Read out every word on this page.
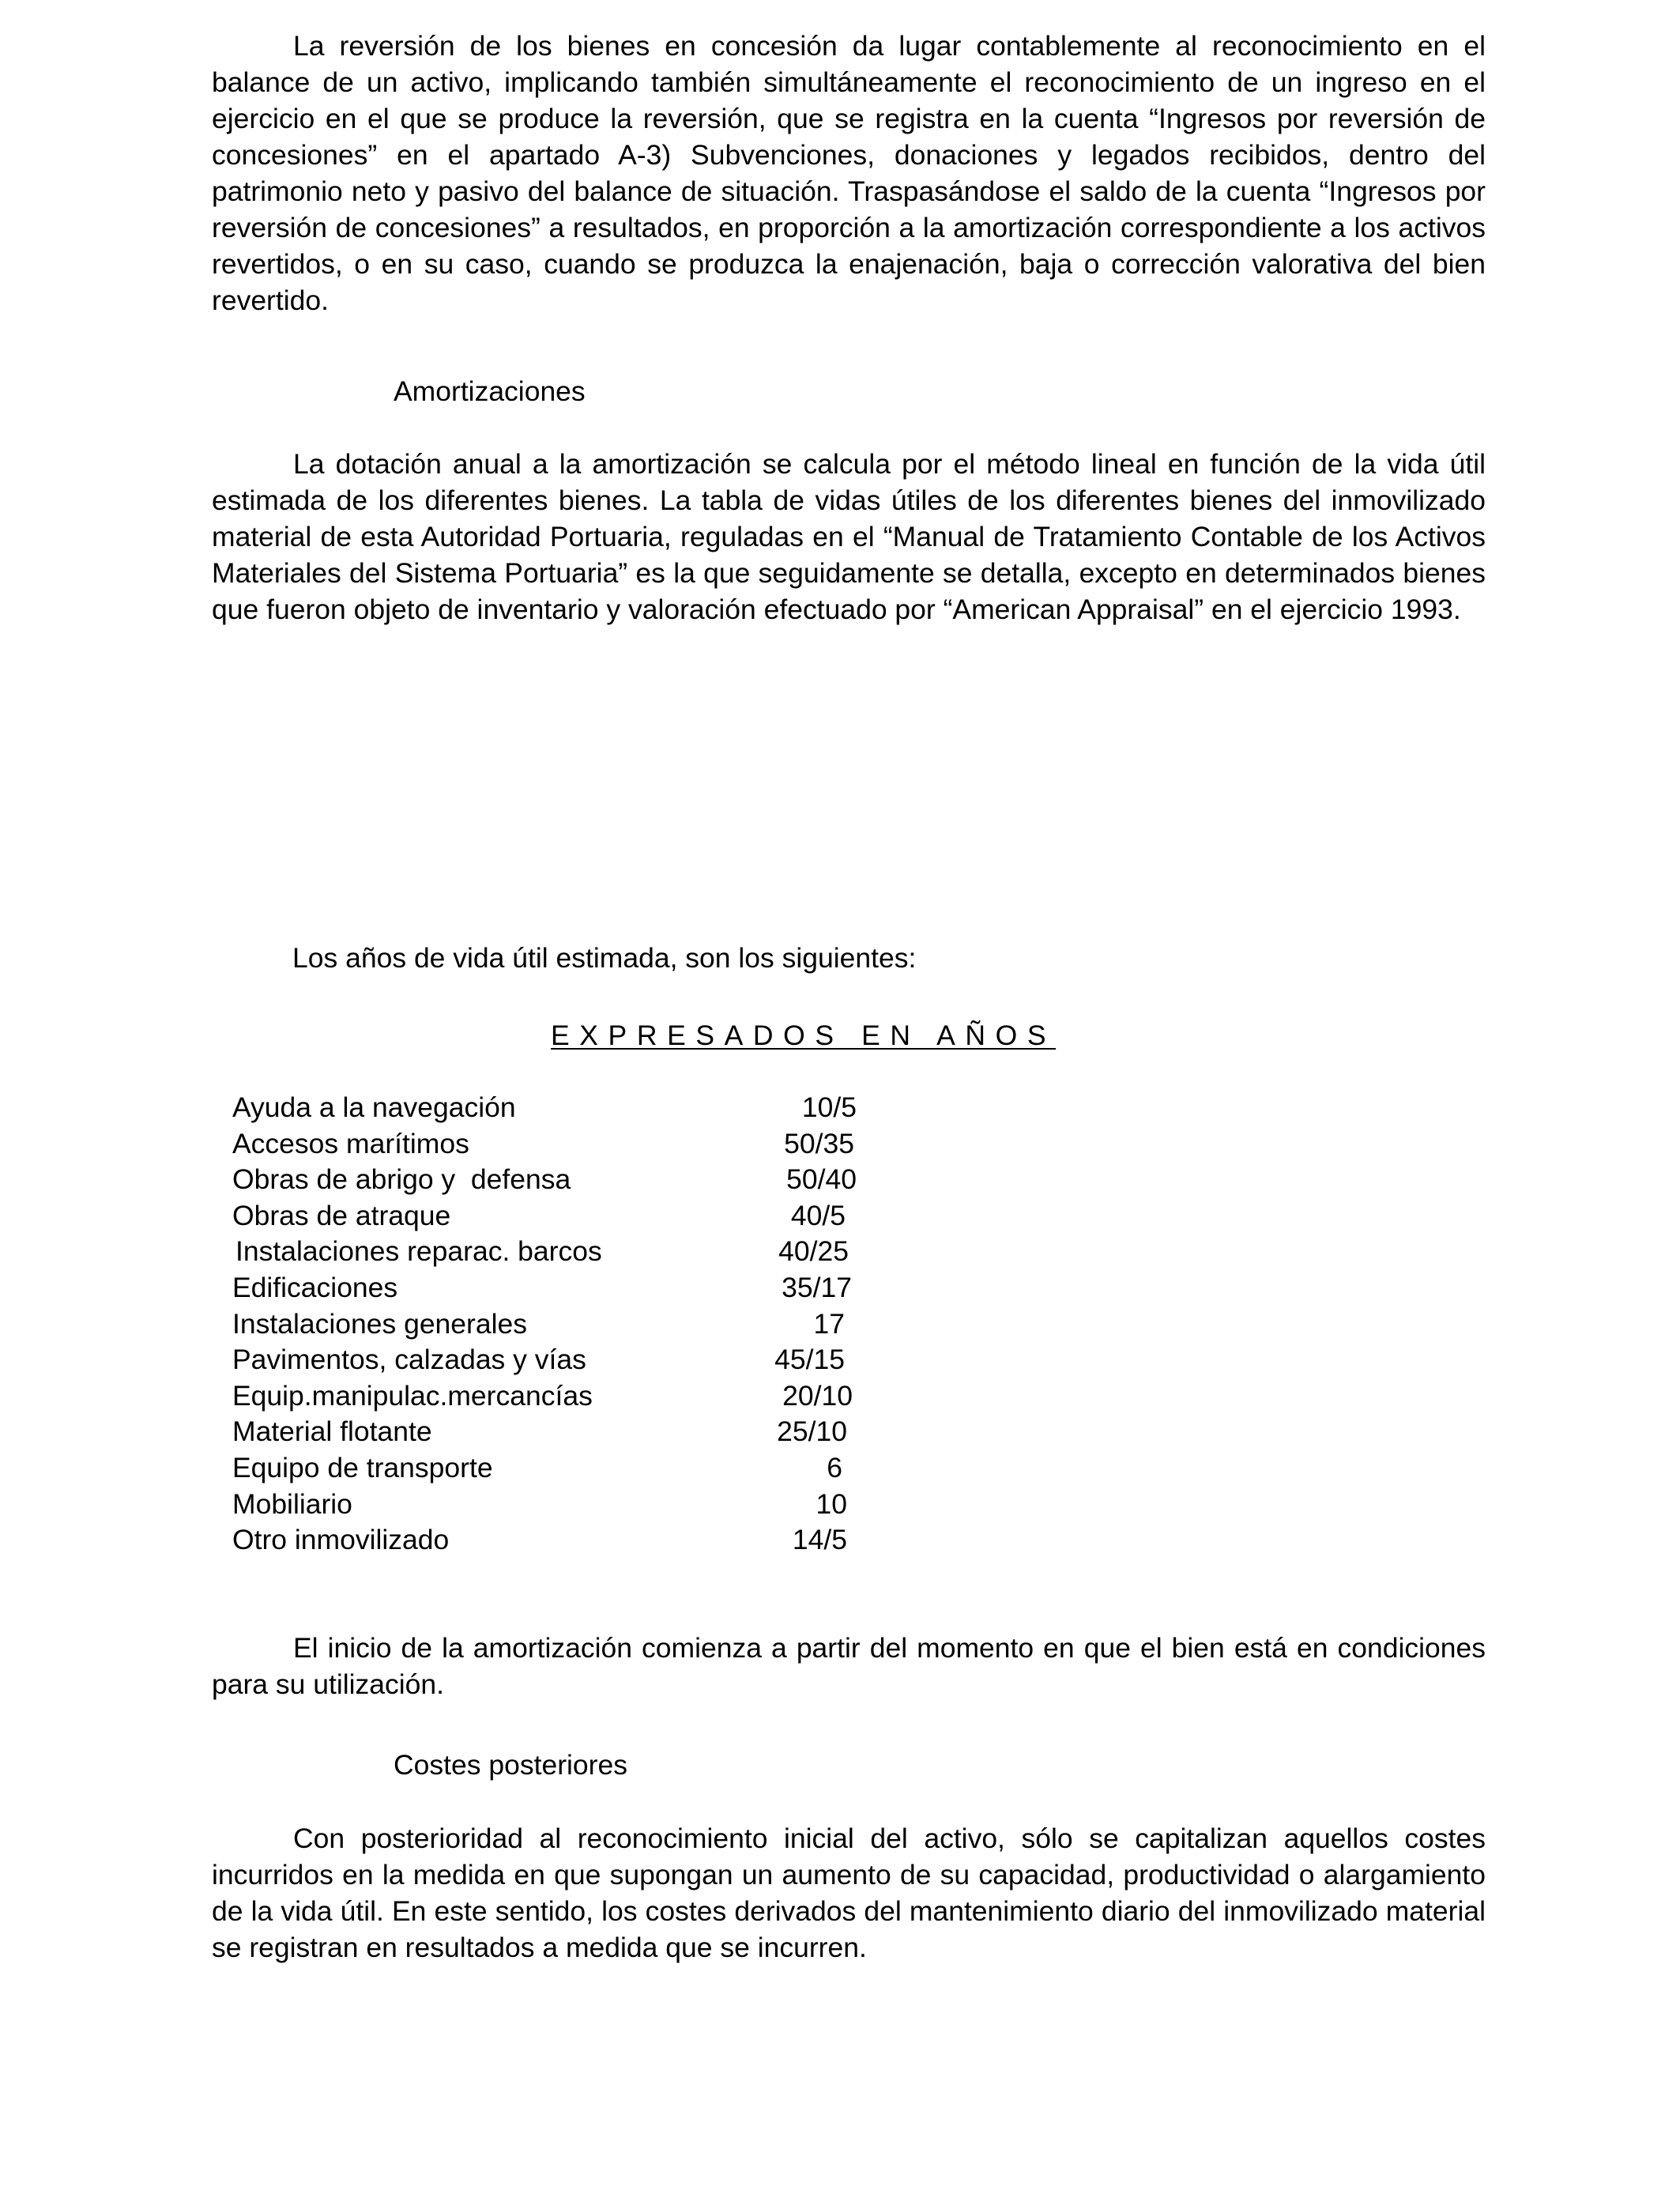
La reversión de los bienes en concesión da lugar contablemente al reconocimiento en el balance de un activo, implicando también simultáneamente el reconocimiento de un ingreso en el ejercicio en el que se produce la reversión, que se registra en la cuenta “Ingresos por reversión de concesiones” en el apartado A-3) Subvenciones, donaciones y legados recibidos, dentro del patrimonio neto y pasivo del balance de situación. Traspasándose el saldo de la cuenta “Ingresos por reversión de concesiones” a resultados, en proporción a la amortización correspondiente a los activos revertidos, o en su caso, cuando se produzca la enajenación, baja o corrección valorativa del bien revertido.

Amortizaciones

La dotación anual a la amortización se calcula por el método lineal en función de la vida útil estimada de los diferentes bienes. La tabla de vidas útiles de los diferentes bienes del inmovilizado material de esta Autoridad Portuaria, reguladas en el “Manual de Tratamiento Contable de los Activos Materiales del Sistema Portuaria” es la que seguidamente se detalla, excepto en determinados bienes que fueron objeto de inventario y valoración efectuado por “American Appraisal” en el ejercicio 1993.

Los años de vida útil estimada, son los siguientes:

EXPRESADOS EN AÑOS
Ayuda a la navegación	10/5
Accesos marítimos	50/35
Obras de abrigo y  defensa	50/40
Obras de atraque	40/5
Instalaciones reparac. barcos	40/25
Edificaciones	35/17
Instalaciones generales	17
Pavimentos, calzadas y vías	45/15
Equip.manipulac.mercancías	20/10
Material flotante	25/10
Equipo de transporte	6
Mobiliario	10
Otro inmovilizado	14/5

El inicio de la amortización comienza a partir del momento en que el bien está en condiciones para su utilización.

Costes posteriores

Con posterioridad al reconocimiento inicial del activo, sólo se capitalizan aquellos costes incurridos en la medida en que supongan un aumento de su capacidad, productividad o alargamiento de la vida útil. En este sentido, los costes derivados del mantenimiento diario del inmovilizado material se registran en resultados a medida que se incurren.
